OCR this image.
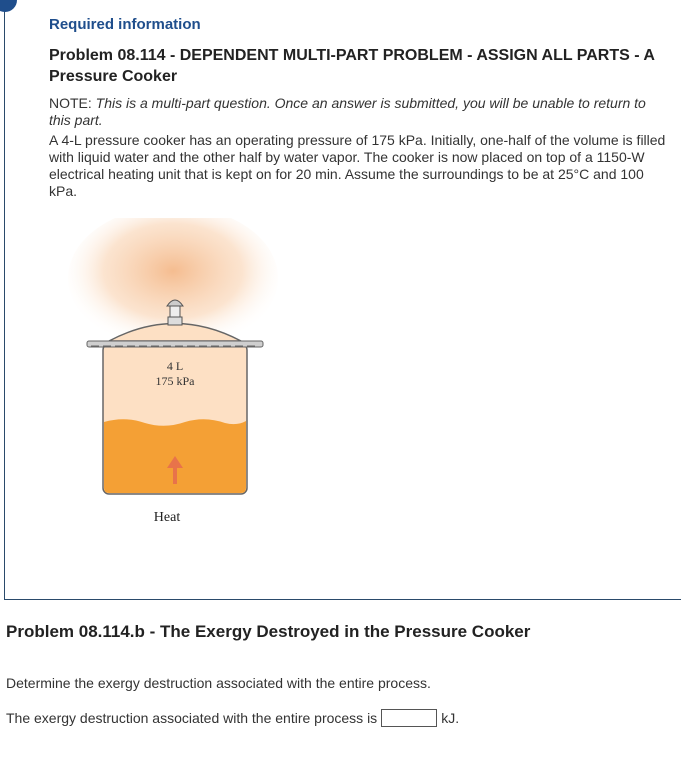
Required information
Problem 08.114 - DEPENDENT MULTI-PART PROBLEM - ASSIGN ALL PARTS - A Pressure Cooker

NOTE: This is a multi-part question. Once an answer is submitted, you will be unable to return to this part.

A 4-L pressure cooker has an operating pressure of 175 kPa. Initially, one-half of the volume is filled with liquid water and the other half by water vapor. The cooker is now placed on top of a 1150-W electrical heating unit that is kept on for 20 min. Assume the surroundings to be at 25°C and 100 kPa.

4 L
175 kPa
Heat
Problem 08.114.b - The Exergy Destroyed in the Pressure Cooker

Determine the exergy destruction associated with the entire process.

The exergy destruction associated with the entire process is	kJ.
